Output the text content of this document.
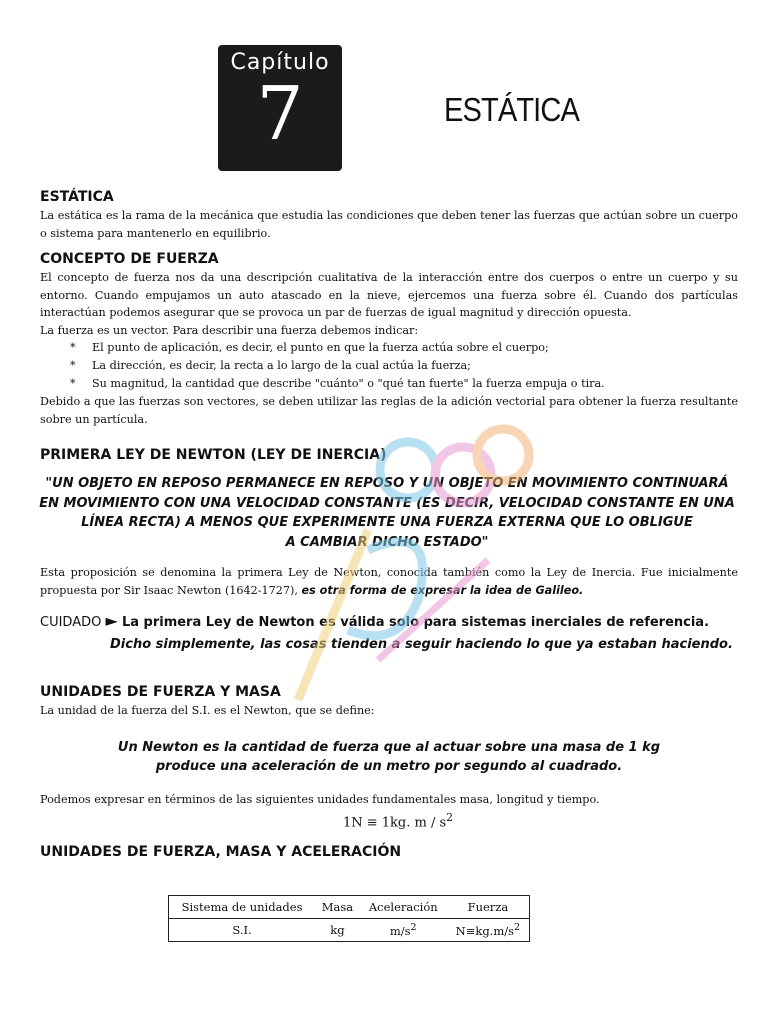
Capítulo
7	ESTÁTICA
ESTÁTICA

La estática es la rama de la mecánica que estudia las condiciones que deben tener las fuerzas que actúan sobre un cuerpo o sistema para mantenerlo en equilibrio.

CONCEPTO DE FUERZA

El concepto de fuerza nos da una descripción cualitativa de la interacción entre dos cuerpos o entre un cuerpo y su entorno. Cuando empujamos un auto atascado en la nieve, ejercemos una fuerza sobre él. Cuando dos partículas interactúan podemos asegurar que se provoca un par de fuerzas de igual magnitud y dirección opuesta.

La fuerza es un vector. Para describir una fuerza debemos indicar:

* El punto de aplicación, es decir, el punto en que la fuerza actúa sobre el cuerpo;
* La dirección, es decir, la recta a lo largo de la cual actúa la fuerza;
* Su magnitud, la cantidad que describe "cuánto" o "qué tan fuerte" la fuerza empuja o tira.

Debido a que las fuerzas son vectores, se deben utilizar las reglas de la adición vectorial para obtener la fuerza resultante sobre un partícula.

PRIMERA LEY DE NEWTON (LEY DE INERCIA)

"UN OBJETO EN REPOSO PERMANECE EN REPOSO Y UN OBJETO EN MOVIMIENTO CONTINUARÁ

EN MOVIMIENTO CON UNA VELOCIDAD CONSTANTE (ES DECIR, VELOCIDAD CONSTANTE EN UNA

LÍNEA RECTA) A MENOS QUE EXPERIMENTE UNA FUERZA EXTERNA QUE LO OBLIGUE

A CAMBIAR DICHO ESTADO"

Esta proposición se denomina la primera Ley de Newton, conocida también como la Ley de Inercia. Fue inicialmente propuesta por Sir Isaac Newton (1642-1727), es otra forma de expresar la idea de Galileo.

CUIDADO ► La primera Ley de Newton es válida solo para sistemas inerciales de referencia.
Dicho simplemente, las cosas tienden a seguir haciendo lo que ya estaban haciendo.
UNIDADES DE FUERZA Y MASA

La unidad de la fuerza del S.I. es el Newton, que se define:

Un Newton es la cantidad de fuerza que al actuar sobre una masa de 1 kg

produce una aceleración de un metro por segundo al cuadrado.

Podemos expresar en términos de las siguientes unidades fundamentales masa, longitud y tiempo.

1N ≡ 1kg. m / $s^2$

UNIDADES DE FUERZA, MASA Y ACELERACIÓN
Sistema de unidades	Masa	Aceleración	Fuerza
S.I.	kg	$m/s^2$	$N\equiv kg.m/s^2$
